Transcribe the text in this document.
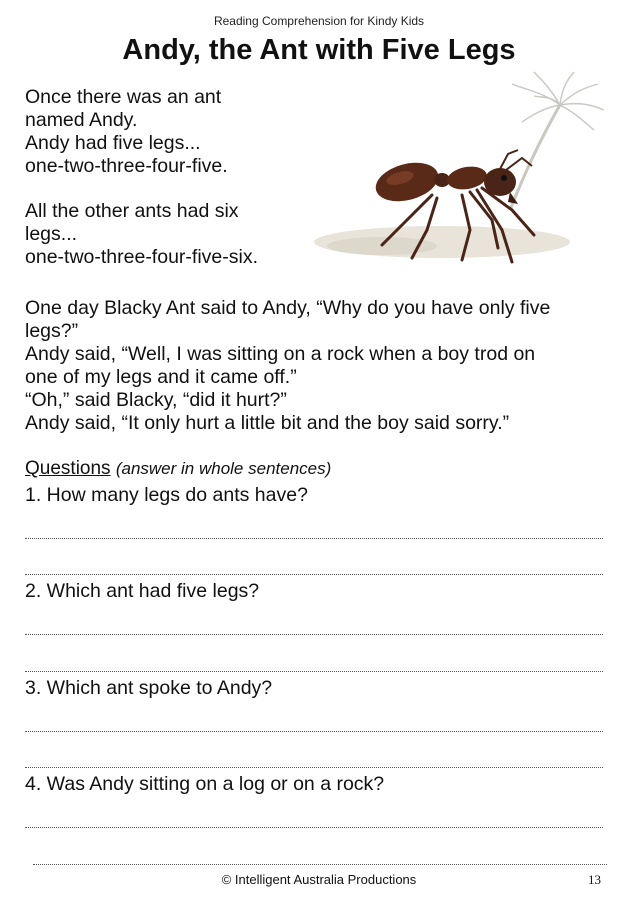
Reading Comprehension for Kindy Kids
Andy, the Ant with Five Legs
Once there was an ant
named Andy.
Andy had five legs...
one-two-three-four-five.
All the other ants had six
legs...
one-two-three-four-five-six.
One day Blacky Ant said to Andy, “Why do you have only five
legs?”
Andy said, “Well, I was sitting on a rock when a boy trod on
one of my legs and it came off.”
“Oh,” said Blacky, “did it hurt?”
Andy said, “It only hurt a little bit and the boy said sorry.”
Questions (answer in whole sentences)
1. How many legs do ants have?
2. Which ant had five legs?
3. Which ant spoke to Andy?
4. Was Andy sitting on a log or on a rock?
© Intelligent Australia Productions	13
